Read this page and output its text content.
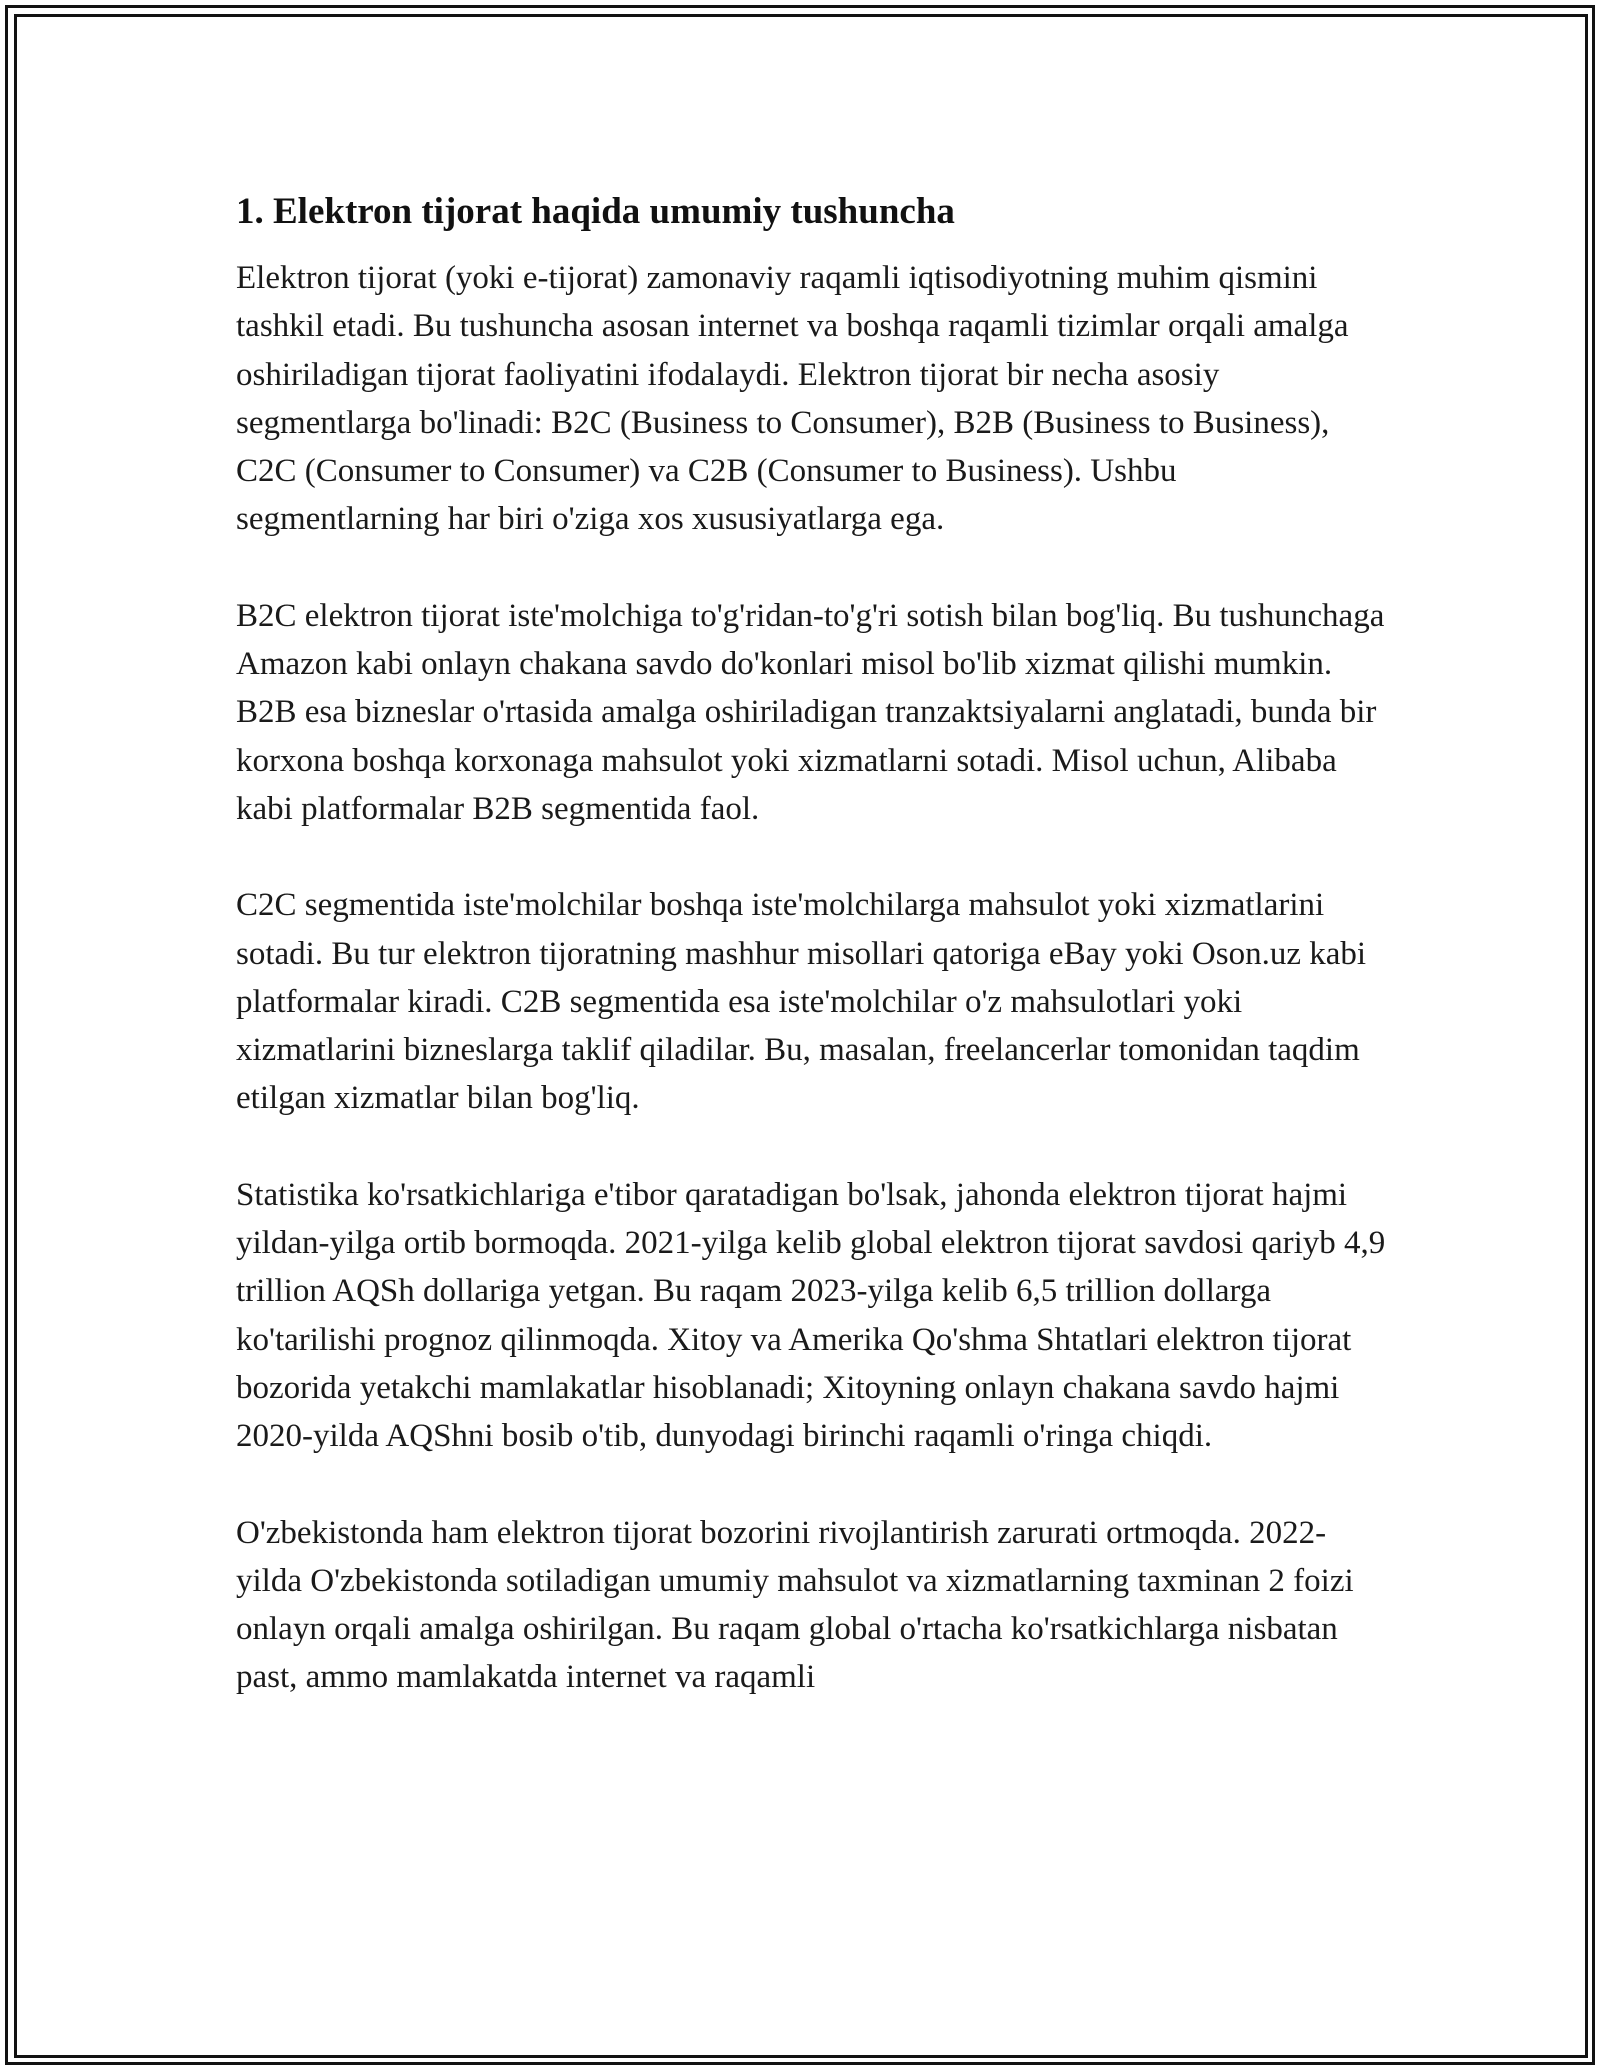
1. Elektron tijorat haqida umumiy tushuncha

Elektron tijorat (yoki e-tijorat) zamonaviy raqamli iqtisodiyotning muhim qismini tashkil etadi. Bu tushuncha asosan internet va boshqa raqamli tizimlar orqali amalga oshiriladigan tijorat faoliyatini ifodalaydi. Elektron tijorat bir necha asosiy segmentlarga bo'linadi: B2C (Business to Consumer), B2B (Business to Business), C2C (Consumer to Consumer) va C2B (Consumer to Business). Ushbu segmentlarning har biri o'ziga xos xususiyatlarga ega.

B2C elektron tijorat iste'molchiga to'g'ridan-to'g'ri sotish bilan bog'liq. Bu tushunchaga Amazon kabi onlayn chakana savdo do'konlari misol bo'lib xizmat qilishi mumkin. B2B esa bizneslar o'rtasida amalga oshiriladigan tranzaktsiyalarni anglatadi, bunda bir korxona boshqa korxonaga mahsulot yoki xizmatlarni sotadi. Misol uchun, Alibaba kabi platformalar B2B segmentida faol.

C2C segmentida iste'molchilar boshqa iste'molchilarga mahsulot yoki xizmatlarini sotadi. Bu tur elektron tijoratning mashhur misollari qatoriga eBay yoki Oson.uz kabi platformalar kiradi. C2B segmentida esa iste'molchilar o'z mahsulotlari yoki xizmatlarini bizneslarga taklif qiladilar. Bu, masalan, freelancerlar tomonidan taqdim etilgan xizmatlar bilan bog'liq.

Statistika ko'rsatkichlariga e'tibor qaratadigan bo'lsak, jahonda elektron tijorat hajmi yildan-yilga ortib bormoqda. 2021-yilga kelib global elektron tijorat savdosi qariyb 4,9 trillion AQSh dollariga yetgan. Bu raqam 2023-yilga kelib 6,5 trillion dollarga ko'tarilishi prognoz qilinmoqda. Xitoy va Amerika Qo'shma Shtatlari elektron tijorat bozorida yetakchi mamlakatlar hisoblanadi; Xitoyning onlayn chakana savdo hajmi 2020-yilda AQShni bosib o'tib, dunyodagi birinchi raqamli o'ringa chiqdi.

O'zbekistonda ham elektron tijorat bozorini rivojlantirish zarurati ortmoqda. 2022-yilda O'zbekistonda sotiladigan umumiy mahsulot va xizmatlarning taxminan 2 foizi onlayn orqali amalga oshirilgan. Bu raqam global o'rtacha ko'rsatkichlarga nisbatan past, ammo mamlakatda internet va raqamli
